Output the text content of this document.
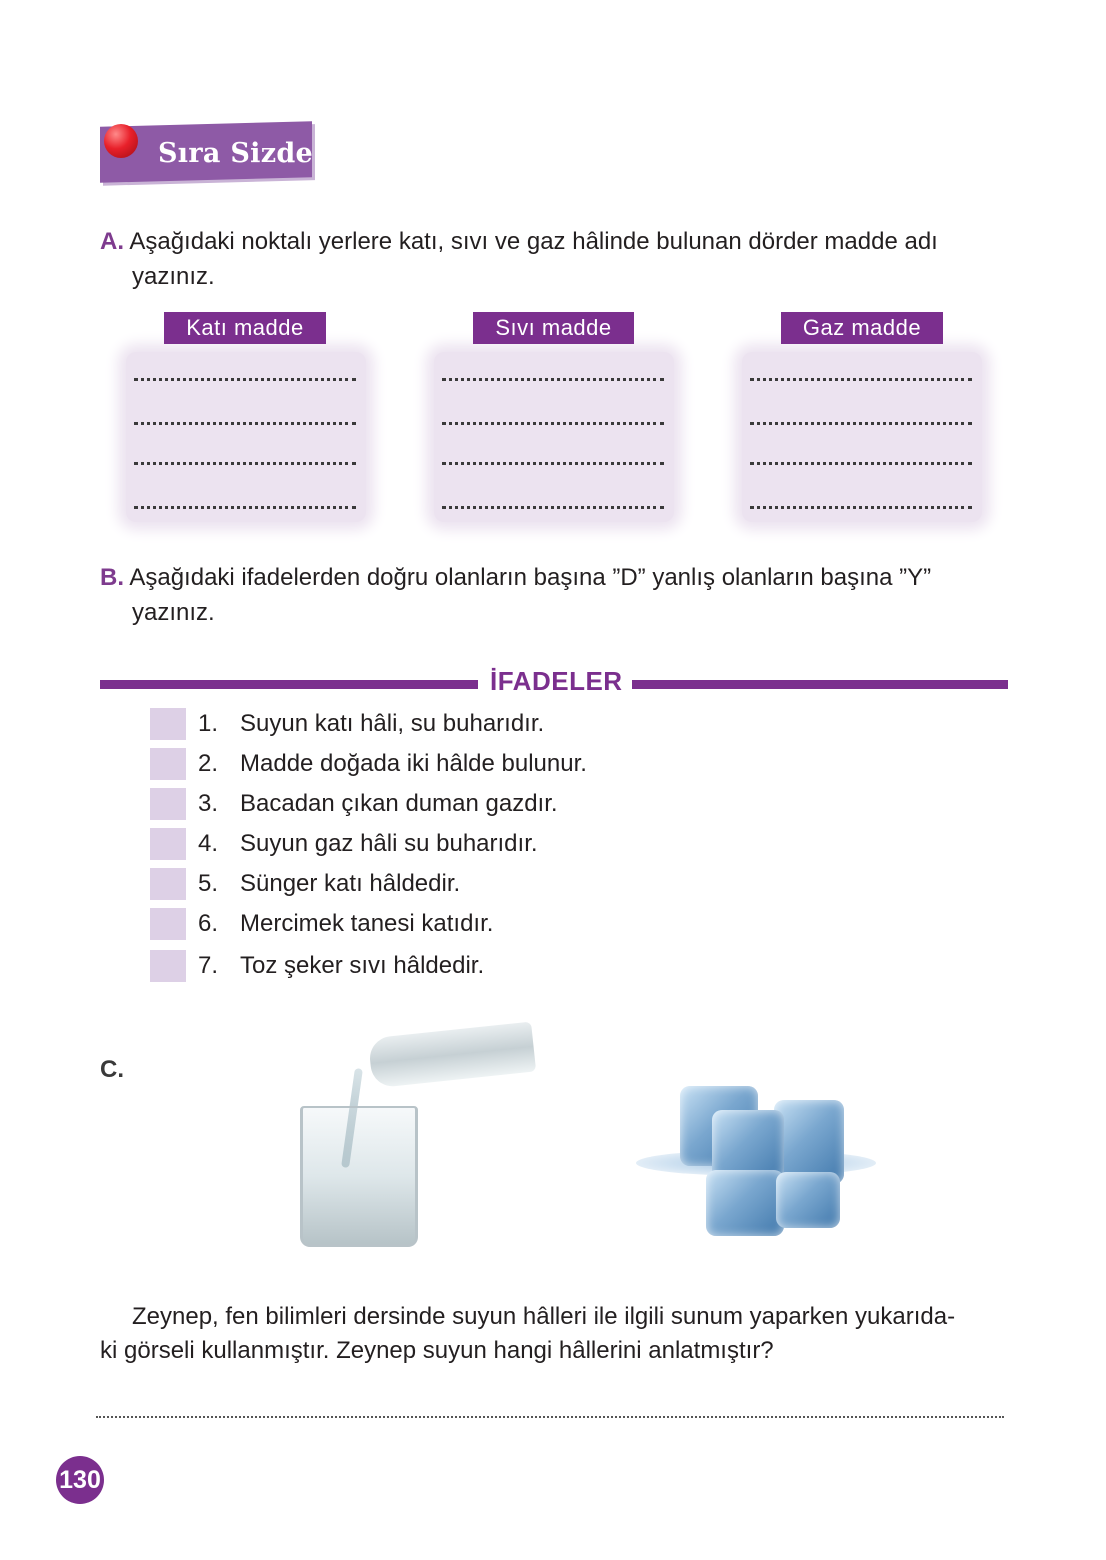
Sıra Sizde
A. Aşağıdaki noktalı yerlere katı, sıvı ve gaz hâlinde bulunan dörder madde adı
yazınız.
Katı madde	Sıvı madde	Gaz madde
B. Aşağıdaki ifadelerden doğru olanların başına ”D” yanlış olanların başına ”Y”
yazınız.
İFADELER
1. Suyun katı hâli, su buharıdır.
2. Madde doğada iki hâlde bulunur.
3. Bacadan çıkan duman gazdır.
4. Suyun gaz hâli su buharıdır.
5. Sünger katı hâldedir.
6. Mercimek tanesi katıdır.
7. Toz şeker sıvı hâldedir.
C.
Zeynep, fen bilimleri dersinde suyun hâlleri ile ilgili sunum yaparken yukarıda-
ki görseli kullanmıştır. Zeynep suyun hangi hâllerini anlatmıştır?
130
